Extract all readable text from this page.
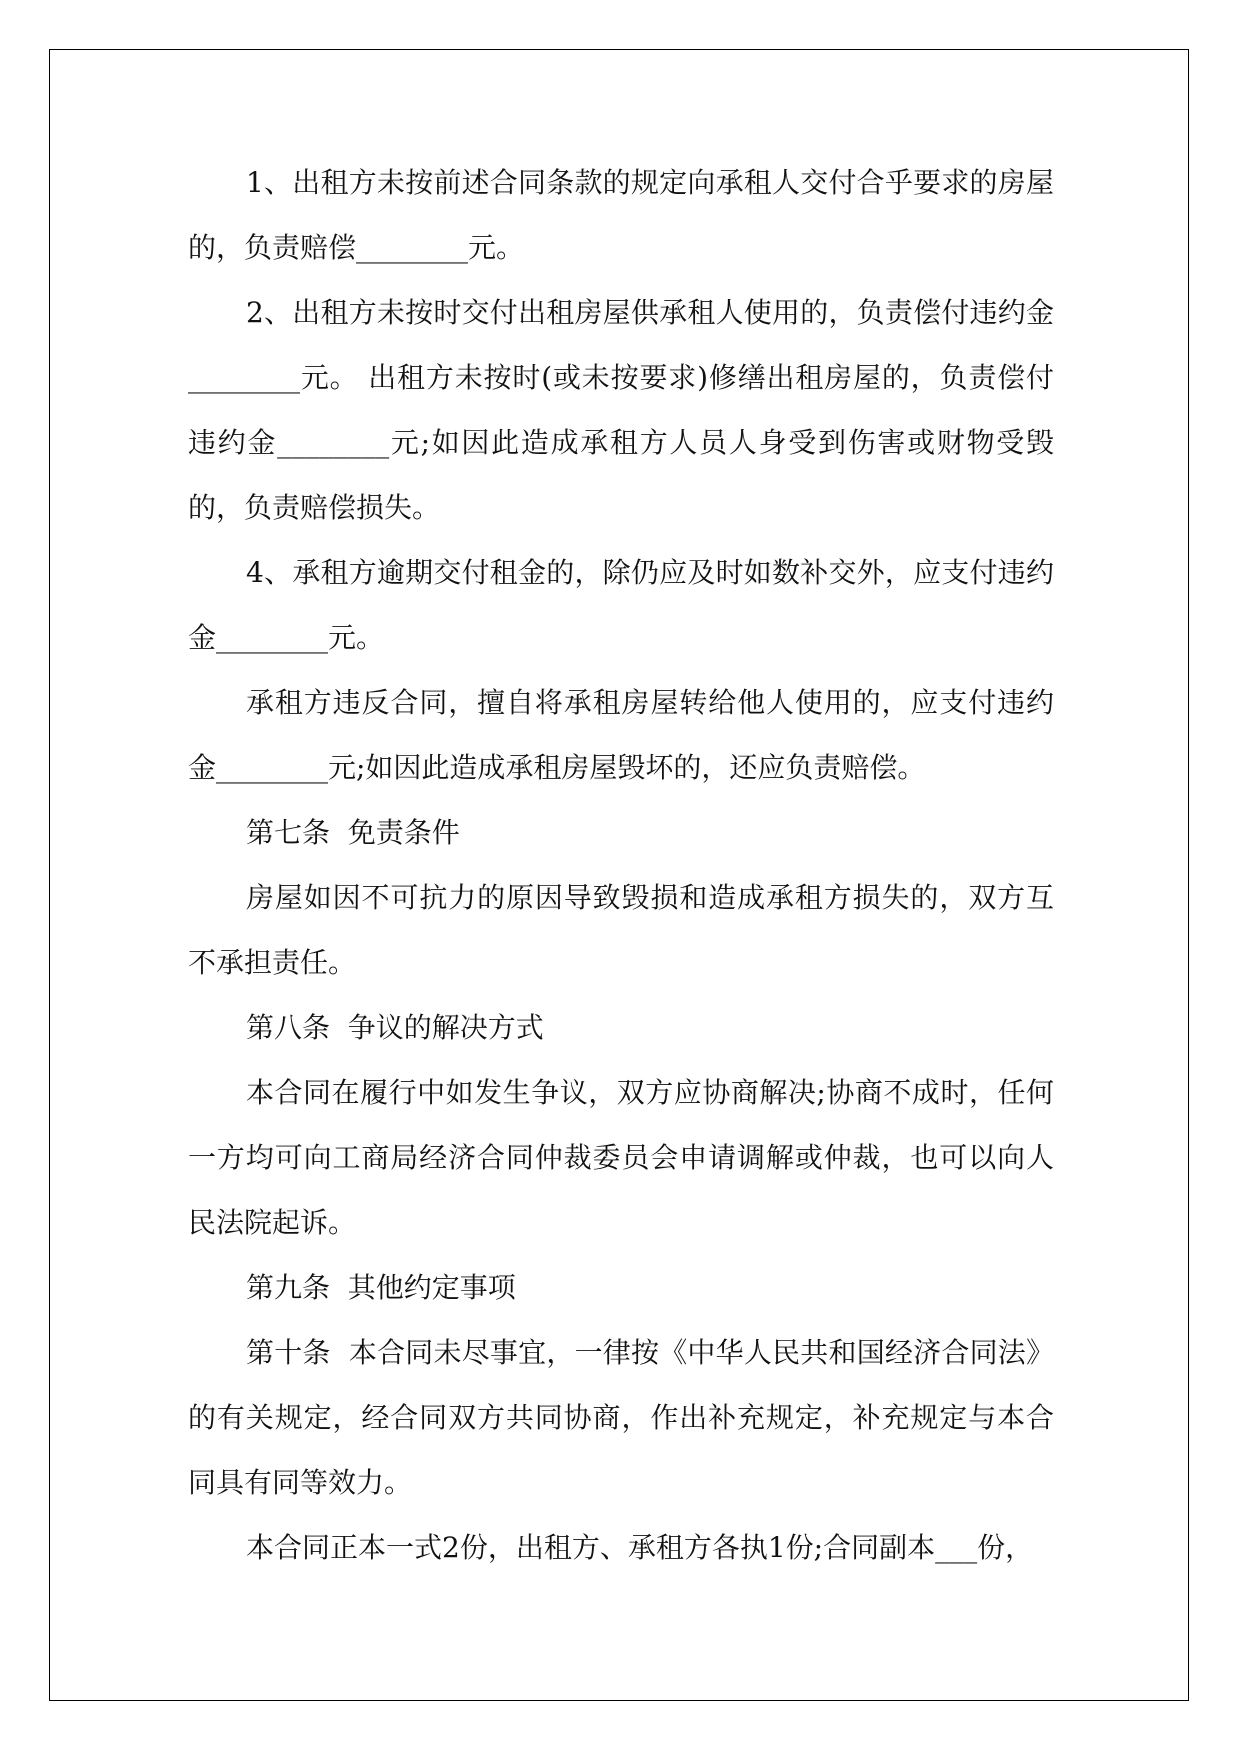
1、出租方未按前述合同条款的规定向承租人交付合乎要求的房屋的，负责赔偿________元。

2、出租方未按时交付出租房屋供承租人使用的，负责偿付违约金________元。 出租方未按时(或未按要求)修缮出租房屋的，负责偿付违约金________元;如因此造成承租方人员人身受到伤害或财物受毁的，负责赔偿损失。

4、承租方逾期交付租金的，除仍应及时如数补交外，应支付违约金________元。

承租方违反合同，擅自将承租房屋转给他人使用的，应支付违约金________元;如因此造成承租房屋毁坏的，还应负责赔偿。

第七条  免责条件

房屋如因不可抗力的原因导致毁损和造成承租方损失的，双方互不承担责任。

第八条  争议的解决方式

本合同在履行中如发生争议，双方应协商解决;协商不成时，任何一方均可向工商局经济合同仲裁委员会申请调解或仲裁，也可以向人民法院起诉。

第九条  其他约定事项

第十条  本合同未尽事宜，一律按《中华人民共和国经济合同法》的有关规定，经合同双方共同协商，作出补充规定，补充规定与本合同具有同等效力。

本合同正本一式2份，出租方、承租方各执1份;合同副本___份，
